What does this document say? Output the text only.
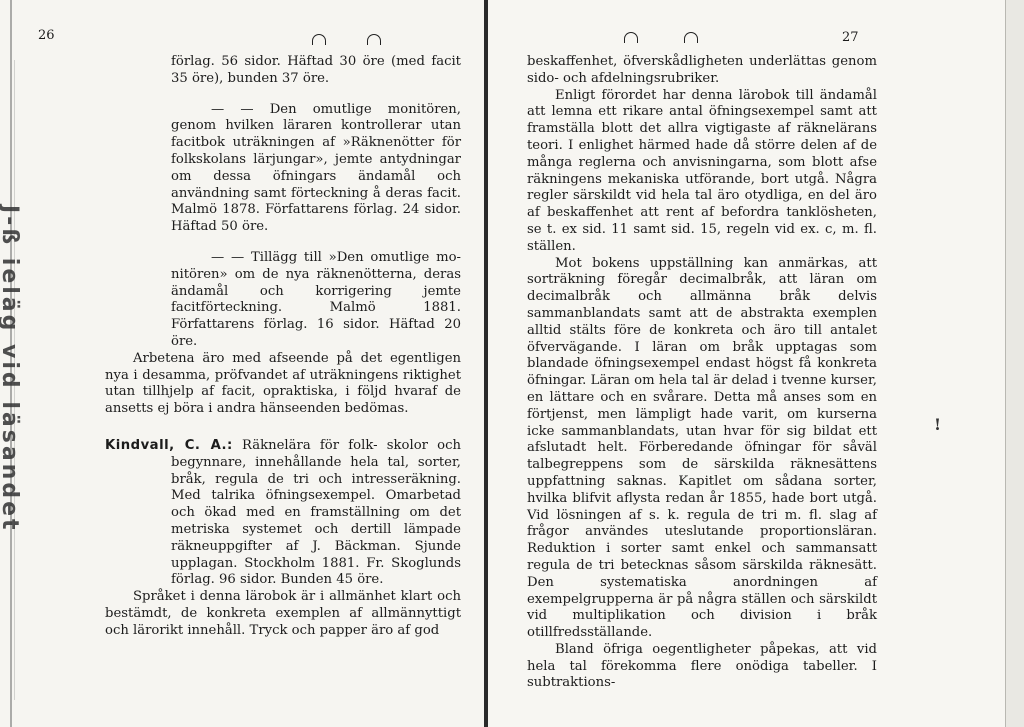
26	27
J-ß
!

förlag. 56 sidor. Häftad 30 öre (med facit 35 öre), bunden 37 öre.

— — Den omutlige monitören, genom hvilken läraren kontrollerar utan facitbok uträkningen af »Räknenötter för folkskolans lärjungar», jemte antydningar om dessa öfningars ändamål och användning samt förteckning å deras facit. Malmö 1878. Författarens förlag. 24 sidor. Häftad 50 öre.

— — Tillägg till »Den omutlige mo- nitören» om de nya räknenötterna, deras ändamål och korrigering jemte facitförteckning. Malmö 1881. Författarens förlag. 16 sidor. Häftad 20 öre.

Arbetena äro med afseende på det egentligen nya i desamma, pröfvandet af uträkningens riktighet utan tillhjelp af facit, opraktiska, i följd hvaraf de ansetts ej böra i andra hänseenden bedömas.

Kindvall, C. A.: Räknelära för folk- skolor och begynnare, innehållande hela tal, sorter, bråk, regula de tri och intresseräkning. Med talrika öfningsexempel. Omarbetad och ökad med en framställning om det metriska systemet och dertill lämpade räkneuppgifter af J. Bäckman. Sjunde upplagan. Stockholm 1881. Fr. Skoglunds förlag. 96 sidor. Bunden 45 öre.

Språket i denna lärobok är i allmänhet klart och bestämdt, de konkreta exemplen af allmännyttigt och lärorikt innehåll. Tryck och papper äro af god

beskaffenhet, öfverskådligheten underlättas genom sido- och afdelningsrubriker.

Enligt förordet har denna lärobok till ändamål att lemna ett rikare antal öfningsexempel samt att framställa blott det allra vigtigaste af räknelärans teori. I enlighet härmed hade då större delen af de många reglerna och anvisningarna, som blott afse räkningens mekaniska utförande, bort utgå. Några regler särskildt vid hela tal äro otydliga, en del äro af beskaffenhet att rent af befordra tanklösheten, se t. ex sid. 11 samt sid. 15, regeln vid ex. c, m. fl. ställen.

Mot bokens uppställning kan anmärkas, att sorträkning föregår decimalbråk, att läran om decimalbråk och allmänna bråk delvis sammanblandats samt att de abstrakta exemplen alltid stälts före de konkreta och äro till antalet öfvervägande. I läran om bråk upptagas som blandade öfningsexempel endast högst få konkreta öfningar. Läran om hela tal är delad i tvenne kurser, en lättare och en svårare. Detta må anses som en förtjenst, men lämpligt hade varit, om kurserna icke sammanblandats, utan hvar för sig bildat ett afslutadt helt. Förberedande öfningar för såväl talbegreppens som de särskilda räknesättens uppfattning saknas. Kapitlet om sådana sorter, hvilka blifvit aflysta redan år 1855, hade bort utgå. Vid lösningen af s. k. regula de tri m. fl. slag af frågor användes uteslutande proportionsläran. Reduktion i sorter samt enkel och sammansatt regula de tri betecknas såsom särskilda räknesätt. Den systematiska anordningen af exempelgrupperna är på några ställen och särskildt vid multiplikation och division i bråk otillfredsställande.

Bland öfriga oegentligheter påpekas, att vid hela tal förekomma flere onödiga tabeller. I subtraktions-
